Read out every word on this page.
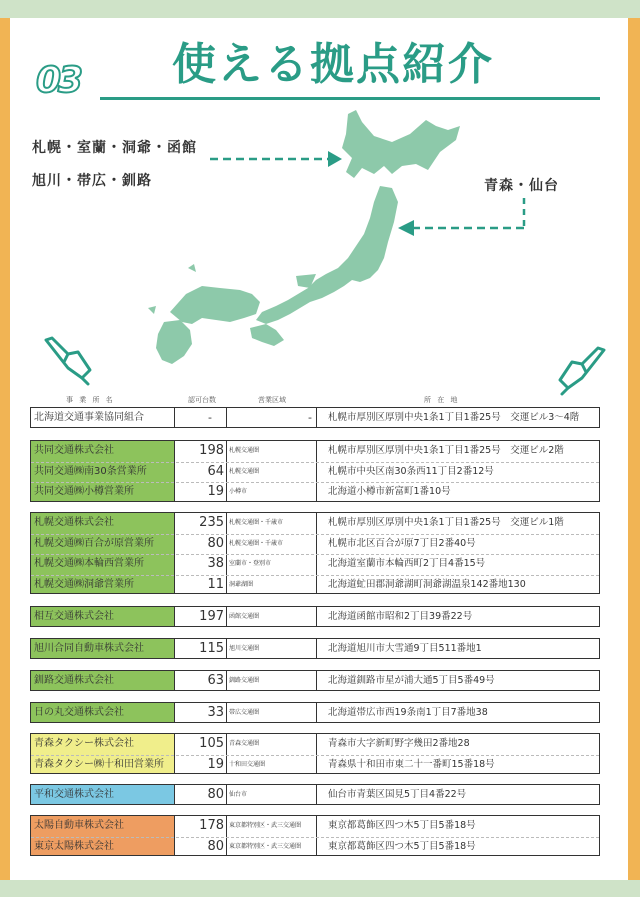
03 使える拠点紹介
札幌・室蘭・洞爺・函館
旭川・帯広・釧路	青森・仙台
事 業 所 名	認可台数	営業区域	所 在 地
北海道交通事業協同組合	-	-	札幌市厚別区厚別中央1条1丁目1番25号　交運ビル3～4階
共同交通株式会社	198 札幌交通圏	札幌市厚別区厚別中央1条1丁目1番25号　交運ビル2階
共同交通㈱南30条営業所	64 札幌交通圏	札幌市中央区南30条西11丁目2番12号
共同交通㈱小樽営業所	19 小樽市	北海道小樽市新富町1番10号
札幌交通株式会社	235 札幌交通圏・千歳市	札幌市厚別区厚別中央1条1丁目1番25号　交運ビル1階
札幌交通㈱百合が原営業所	80 札幌交通圏・千歳市	札幌市北区百合が原7丁目2番40号
札幌交通㈱本輪西営業所	38 室蘭市・登別市	北海道室蘭市本輪西町2丁目4番15号
札幌交通㈱洞爺営業所	11 洞爺湖圏	北海道虻田郡洞爺湖町洞爺湖温泉142番地130
相互交通株式会社	197 函館交通圏	北海道函館市昭和2丁目39番22号
旭川合同自動車株式会社	115 旭川交通圏	北海道旭川市大雪通9丁目511番地1
釧路交通株式会社	63 釧路交通圏	北海道釧路市星が浦大通5丁目5番49号
日の丸交通株式会社	33 帯広交通圏	北海道帯広市西19条南1丁目7番地38
青森タクシー株式会社	105 青森交通圏	青森市大字新町野字幾田2番地28
青森タクシー㈱十和田営業所	19 十和田交通圏	青森県十和田市東二十一番町15番18号
平和交通株式会社	80 仙台市	仙台市青葉区国見5丁目4番22号
太陽自動車株式会社	178 東京都特別区・武三交通圏	東京都葛飾区四つ木5丁目5番18号
東京太陽株式会社	80 東京都特別区・武三交通圏	東京都葛飾区四つ木5丁目5番18号
